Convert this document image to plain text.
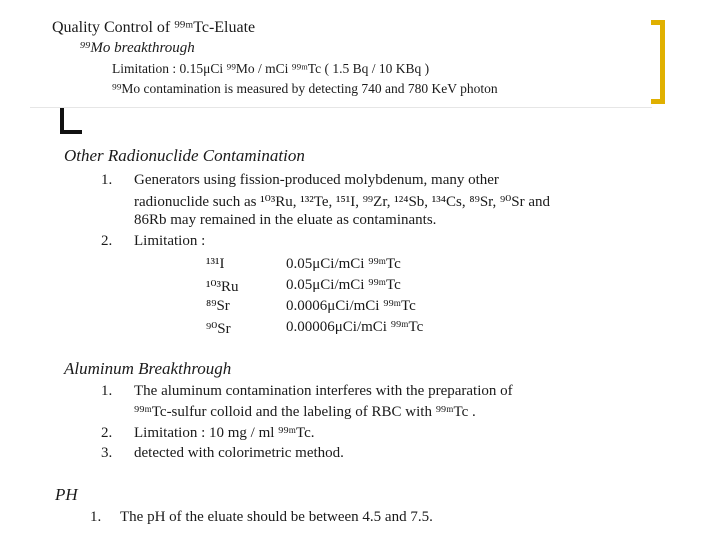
Quality Control of ⁹⁹ᵐTc-Eluate
⁹⁹Mo breakthrough
Limitation : 0.15μCi ⁹⁹Mo / mCi ⁹⁹ᵐTc ( 1.5 Bq / 10 KBq )
⁹⁹Mo contamination is measured by detecting 740 and 780 KeV photon
Other Radionuclide Contamination
1. Generators using fission-produced molybdenum, many other
radionuclide such as ¹⁰³Ru, ¹³²Te, ¹⁵¹I, ⁹⁹Zr, ¹²⁴Sb, ¹³⁴Cs, ⁸⁹Sr, ⁹⁰Sr and
86Rb may remained in the eluate as contaminants.
2. Limitation :
¹³¹I	0.05μCi/mCi ⁹⁹ᵐTc
¹⁰³Ru	0.05μCi/mCi ⁹⁹ᵐTc
⁸⁹Sr	0.0006μCi/mCi ⁹⁹ᵐTc
⁹⁰Sr	0.00006μCi/mCi ⁹⁹ᵐTc
Aluminum Breakthrough
1. The aluminum contamination interferes with the preparation of
⁹⁹ᵐTc-sulfur colloid and the labeling of RBC with ⁹⁹ᵐTc .
2. Limitation : 10 mg / ml ⁹⁹ᵐTc.
3. detected with colorimetric method.
PH
1. The pH of the eluate should be between 4.5 and 7.5.
